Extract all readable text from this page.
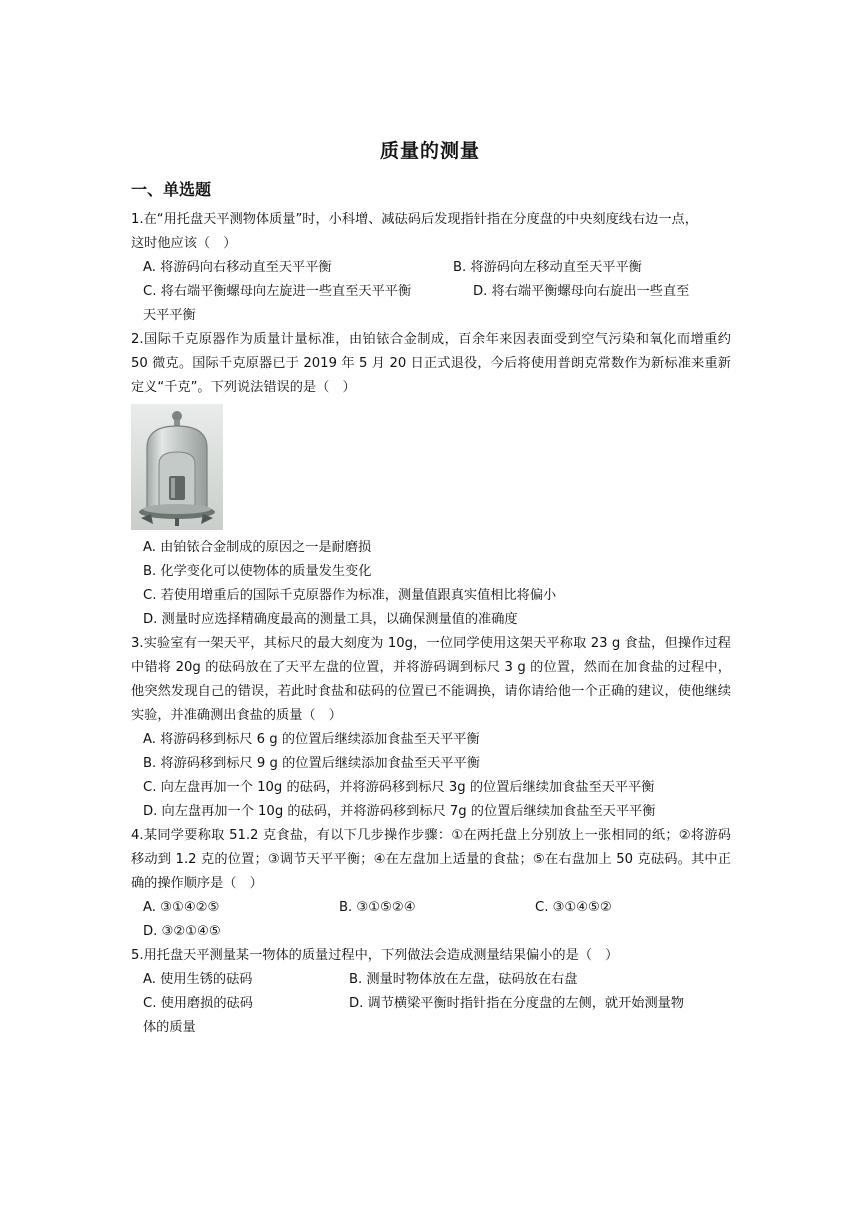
质量的测量
一、单选题

1.在“用托盘天平测物体质量”时，小科增、减砝码后发现指针指在分度盘的中央刻度线右边一点，

这时他应该（　）

A. 将游码向右移动直至天平平衡	B. 将游码向左移动直至天平平衡
C. 将右端平衡螺母向左旋进一些直至天平平衡	D. 将右端平衡螺母向右旋出一些直至

天平平衡

2.国际千克原器作为质量计量标准，由铂铱合金制成，百余年来因表面受到空气污染和氧化而增重约 50 微克。国际千克原器已于 2019 年 5 月 20 日正式退役，今后将使用普朗克常数作为新标准来重新定义“千克”。下列说法错误的是（　）

A. 由铂铱合金制成的原因之一是耐磨损

B. 化学变化可以使物体的质量发生变化

C. 若使用增重后的国际千克原器作为标准，测量值跟真实值相比将偏小

D. 测量时应选择精确度最高的测量工具，以确保测量值的准确度

3.实验室有一架天平，其标尺的最大刻度为 10g，一位同学使用这架天平称取 23 g 食盐，但操作过程中错将 20g 的砝码放在了天平左盘的位置，并将游码调到标尺 3 g 的位置，然而在加食盐的过程中，他突然发现自己的错误，若此时食盐和砝码的位置已不能调换，请你请给他一个正确的建议，使他继续实验，并准确测出食盐的质量（　）

A. 将游码移到标尺 6 g 的位置后继续添加食盐至天平平衡

B. 将游码移到标尺 9 g 的位置后继续添加食盐至天平平衡

C. 向左盘再加一个 10g 的砝码，并将游码移到标尺 3g 的位置后继续加食盐至天平平衡

D. 向左盘再加一个 10g 的砝码，并将游码移到标尺 7g 的位置后继续加食盐至天平平衡

4.某同学要称取 51.2 克食盐，有以下几步操作步骤：①在两托盘上分别放上一张相同的纸；②将游码移动到 1.2 克的位置；③调节天平平衡；④在左盘加上适量的食盐；⑤在右盘加上 50 克砝码。其中正确的操作顺序是（　）

A. ③①④②⑤	B. ③①⑤②④	C. ③①④⑤②

D. ③②①④⑤

5.用托盘天平测量某一物体的质量过程中，下列做法会造成测量结果偏小的是（　）

A. 使用生锈的砝码	B. 测量时物体放在左盘，砝码放在右盘
C. 使用磨损的砝码	D. 调节横梁平衡时指针指在分度盘的左侧，就开始测量物

体的质量
